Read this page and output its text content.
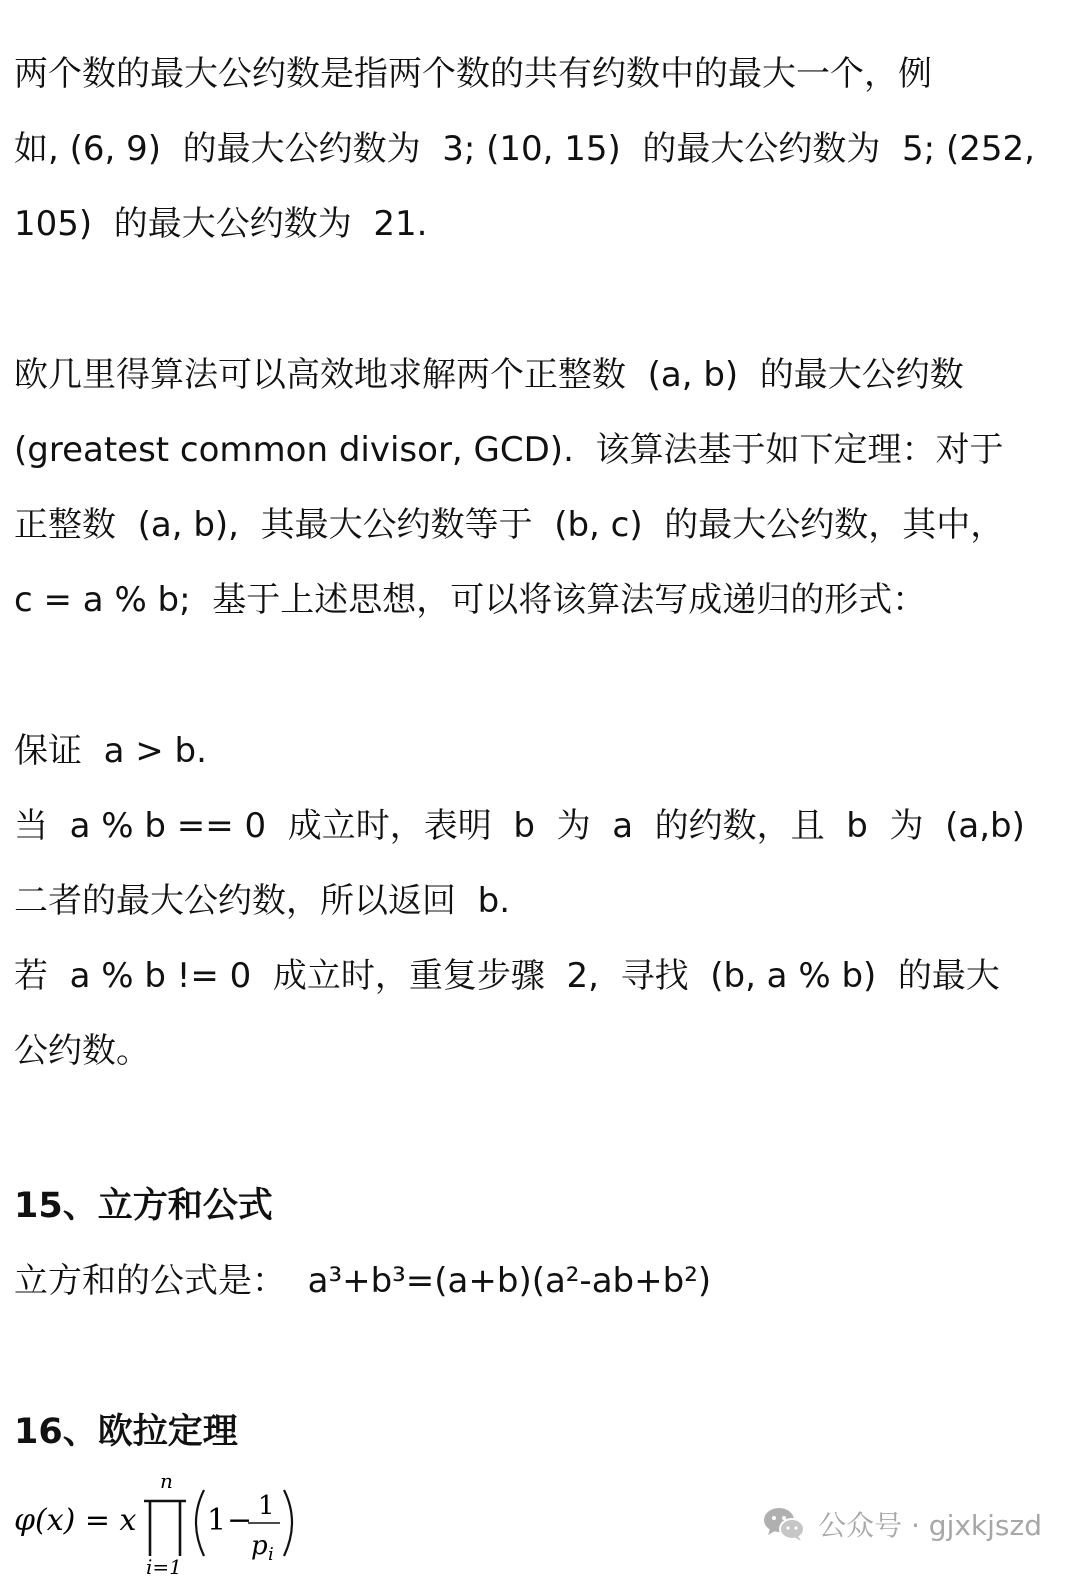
两个数的最大公约数是指两个数的共有约数中的最大一个，例
如, (6, 9)  的最大公约数为  3; (10, 15)  的最大公约数为  5; (252,
105)  的最大公约数为  21.
欧几里得算法可以高效地求解两个正整数  (a, b)  的最大公约数
(greatest common divisor, GCD).  该算法基于如下定理：对于
正整数  (a, b),  其最大公约数等于  (b, c)  的最大公约数，其中，
c = a % b;  基于上述思想，可以将该算法写成递归的形式：
保证  a > b.
当  a % b == 0  成立时，表明  b  为  a  的约数，且  b  为  (a,b)
二者的最大公约数，所以返回  b.
若  a % b != 0  成立时，重复步骤  2,  寻找  (b, a % b)  的最大
公约数。
15、立方和公式
立方和的公式是：  a³+b³=(a+b)(a²-ab+b²)
16、欧拉定理
φ(x) = x
n
i=1
1 − 1
p i
公众号 · gjxkjszd
